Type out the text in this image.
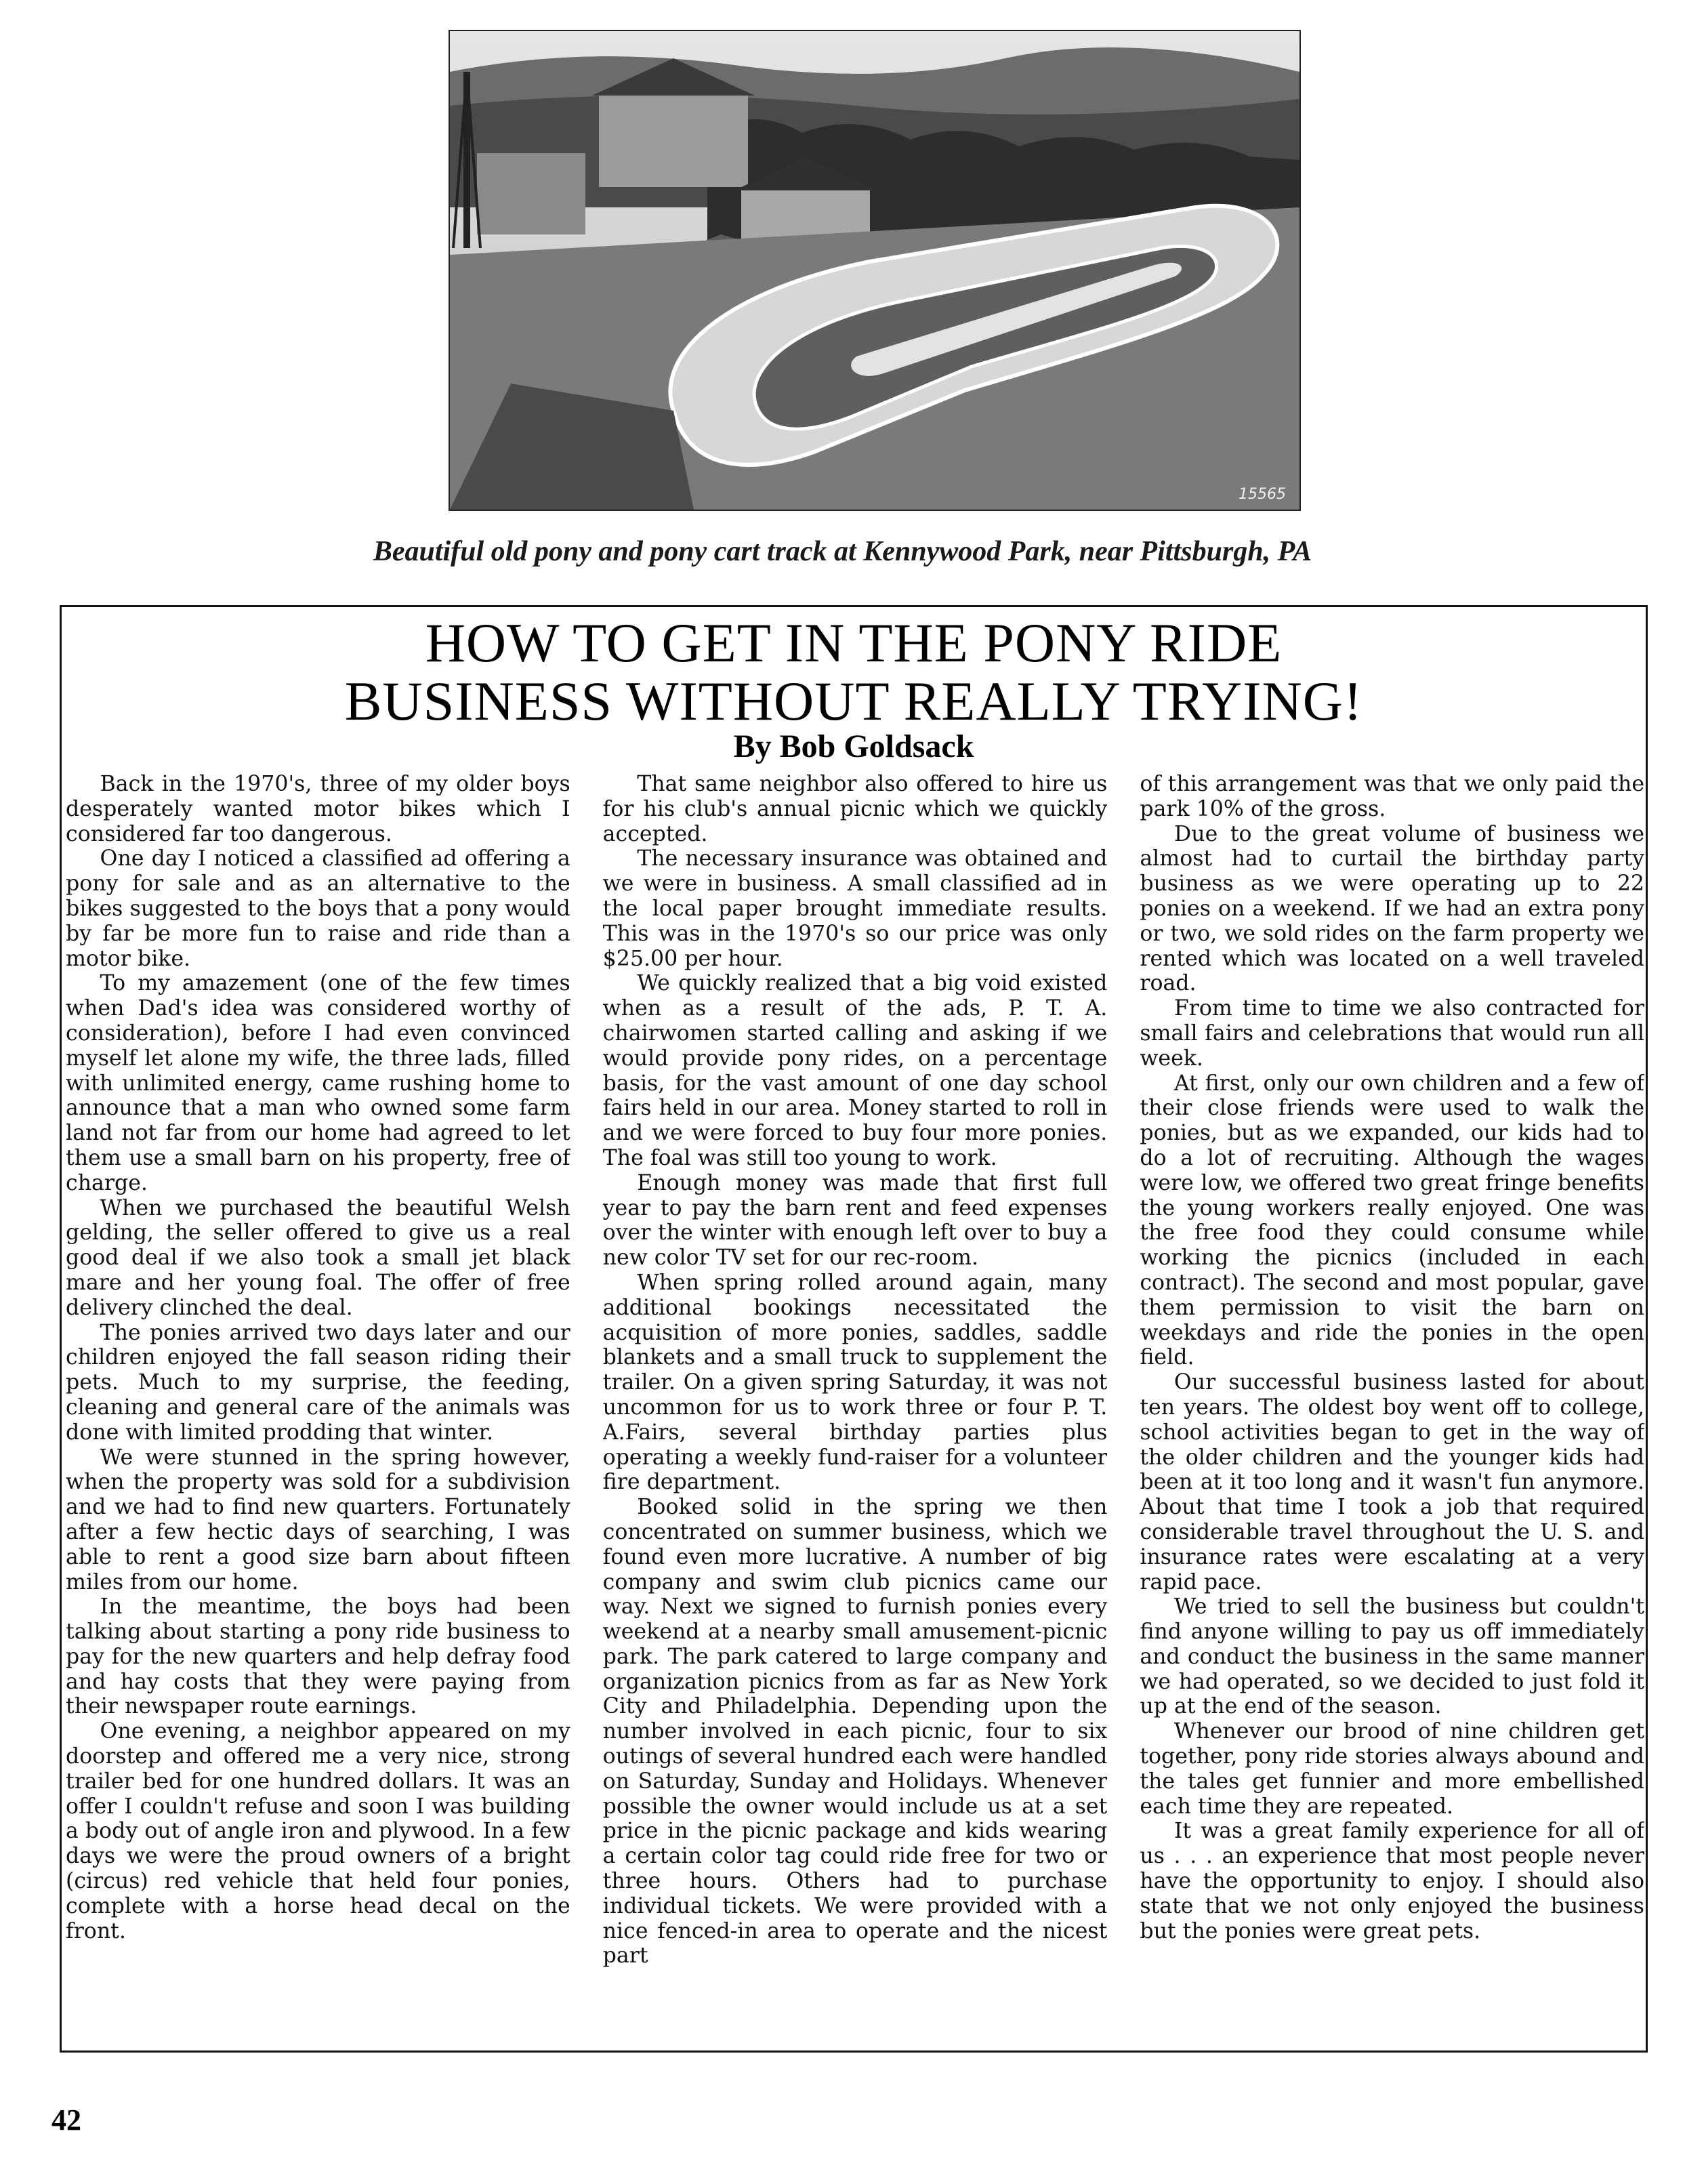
15565
Beautiful old pony and pony cart track at Kennywood Park, near Pittsburgh, PA
HOW TO GET IN THE PONY RIDE
BUSINESS WITHOUT REALLY TRYING!
By Bob Goldsack

Back in the 1970's, three of my older boys desperately wanted motor bikes which I considered far too dangerous.

One day I noticed a classified ad offering a pony for sale and as an alternative to the bikes suggested to the boys that a pony would by far be more fun to raise and ride than a motor bike.

To my amazement (one of the few times when Dad's idea was considered worthy of consideration), before I had even convinced myself let alone my wife, the three lads, filled with unlimited energy, came rushing home to announce that a man who owned some farm land not far from our home had agreed to let them use a small barn on his property, free of charge.

When we purchased the beautiful Welsh gelding, the seller offered to give us a real good deal if we also took a small jet black mare and her young foal. The offer of free delivery clinched the deal.

The ponies arrived two days later and our children enjoyed the fall season riding their pets. Much to my surprise, the feeding, cleaning and general care of the animals was done with limited prodding that winter.

We were stunned in the spring however, when the property was sold for a subdivision and we had to find new quarters. Fortunately after a few hectic days of searching, I was able to rent a good size barn about fifteen miles from our home.

In the meantime, the boys had been talking about starting a pony ride business to pay for the new quarters and help defray food and hay costs that they were paying from their newspaper route earnings.

One evening, a neighbor appeared on my doorstep and offered me a very nice, strong trailer bed for one hundred dollars. It was an offer I couldn't refuse and soon I was building a body out of angle iron and plywood. In a few days we were the proud owners of a bright (circus) red vehicle that held four ponies, complete with a horse head decal on the front.

That same neighbor also offered to hire us for his club's annual picnic which we quickly accepted.

The necessary insurance was obtained and we were in business. A small classified ad in the local paper brought immediate results. This was in the 1970's so our price was only $25.00 per hour.

We quickly realized that a big void existed when as a result of the ads, P. T. A. chairwomen started calling and asking if we would provide pony rides, on a percentage basis, for the vast amount of one day school fairs held in our area. Money started to roll in and we were forced to buy four more ponies. The foal was still too young to work.

Enough money was made that first full year to pay the barn rent and feed expenses over the winter with enough left over to buy a new color TV set for our rec-room.

When spring rolled around again, many additional bookings necessitated the acquisition of more ponies, saddles, saddle blankets and a small truck to supplement the trailer. On a given spring Saturday, it was not uncommon for us to work three or four P. T. A.Fairs, several birthday parties plus operating a weekly fund-raiser for a volunteer fire department.

Booked solid in the spring we then concentrated on summer business, which we found even more lucrative. A number of big company and swim club picnics came our way. Next we signed to furnish ponies every weekend at a nearby small amusement-picnic park. The park catered to large company and organization picnics from as far as New York City and Philadelphia. Depending upon the number involved in each picnic, four to six outings of several hundred each were handled on Saturday, Sunday and Holidays. Whenever possible the owner would include us at a set price in the picnic package and kids wearing a certain color tag could ride free for two or three hours. Others had to purchase individual tickets. We were provided with a nice fenced-in area to operate and the nicest part

of this arrangement was that we only paid the park 10% of the gross.

Due to the great volume of business we almost had to curtail the birthday party business as we were operating up to 22 ponies on a weekend. If we had an extra pony or two, we sold rides on the farm property we rented which was located on a well traveled road.

From time to time we also contracted for small fairs and celebrations that would run all week.

At first, only our own children and a few of their close friends were used to walk the ponies, but as we expanded, our kids had to do a lot of recruiting. Although the wages were low, we offered two great fringe benefits the young workers really enjoyed. One was the free food they could consume while working the picnics (included in each contract). The second and most popular, gave them permission to visit the barn on weekdays and ride the ponies in the open field.

Our successful business lasted for about ten years. The oldest boy went off to college, school activities began to get in the way of the older children and the younger kids had been at it too long and it wasn't fun anymore. About that time I took a job that required considerable travel throughout the U. S. and insurance rates were escalating at a very rapid pace.

We tried to sell the business but couldn't find anyone willing to pay us off immediately and conduct the business in the same manner we had operated, so we decided to just fold it up at the end of the season.

Whenever our brood of nine children get together, pony ride stories always abound and the tales get funnier and more embellished each time they are repeated.

It was a great family experience for all of us . . . an experience that most people never have the opportunity to enjoy. I should also state that we not only enjoyed the business but the ponies were great pets.

42
